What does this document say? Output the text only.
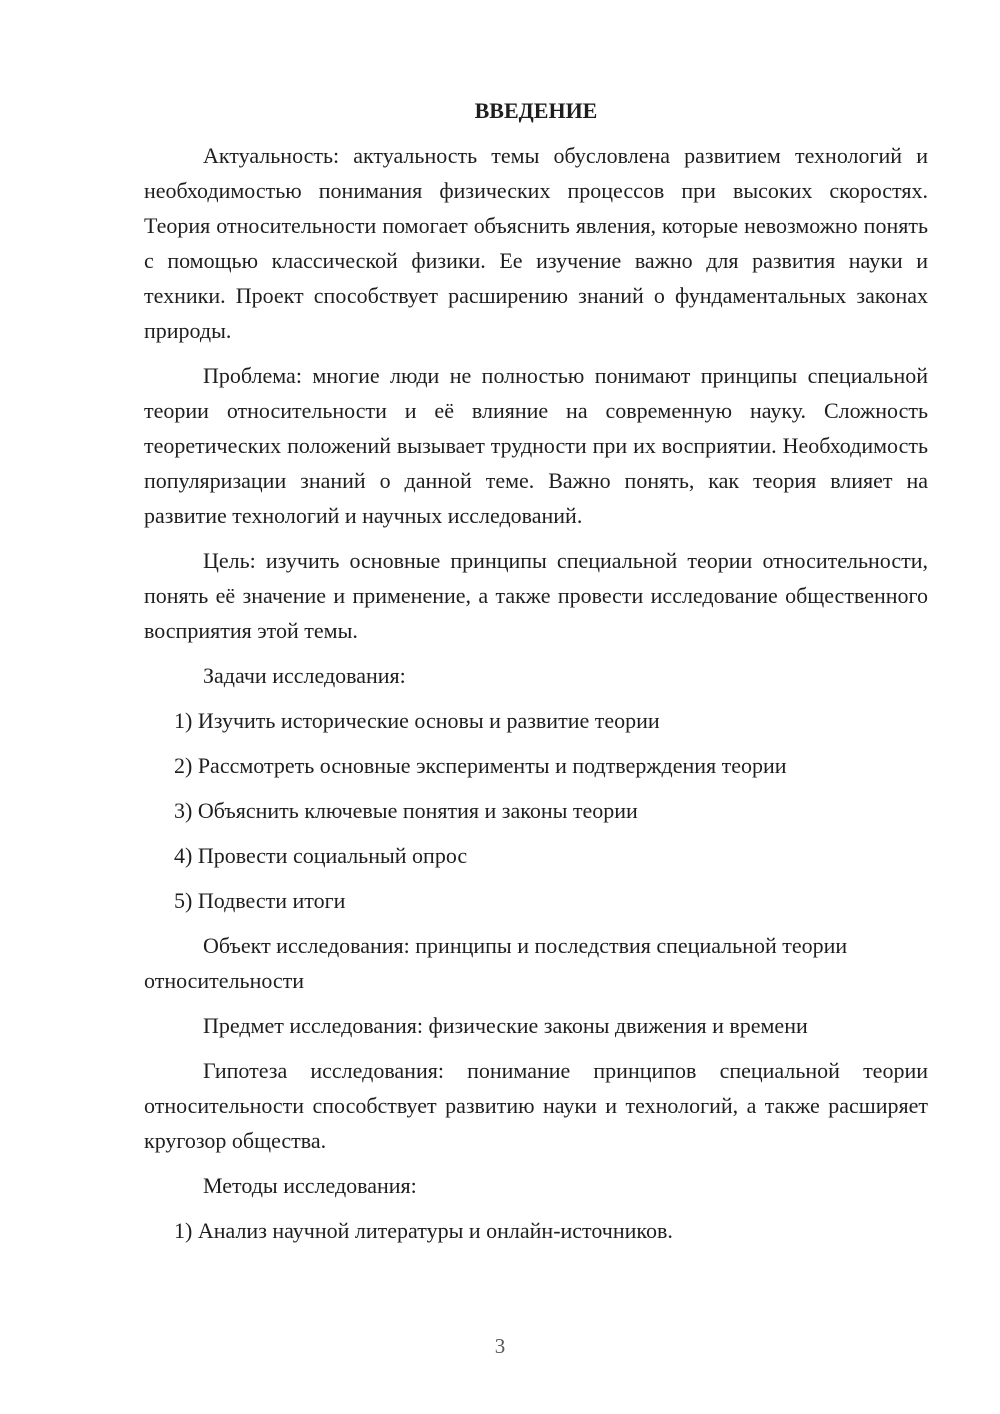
ВВЕДЕНИЕ

Актуальность: актуальность темы обусловлена развитием технологий и необходимостью понимания физических процессов при высоких скоростях. Теория относительности помогает объяснить явления, которые невозможно понять с помощью классической физики. Ее изучение важно для развития науки и техники. Проект способствует расширению знаний о фундаментальных законах природы.

Проблема: многие люди не полностью понимают принципы специальной теории относительности и её влияние на современную науку. Сложность теоретических положений вызывает трудности при их восприятии. Необходимость популяризации знаний о данной теме. Важно понять, как теория влияет на развитие технологий и научных исследований.

Цель: изучить основные принципы специальной теории относительности, понять её значение и применение, а также провести исследование общественного восприятия этой темы.

Задачи исследования:

1) Изучить исторические основы и развитие теории
2) Рассмотреть основные эксперименты и подтверждения теории
3) Объяснить ключевые понятия и законы теории
4) Провести социальный опрос
5) Подвести итоги

Объект исследования: принципы и последствия специальной теории относительности

Предмет исследования: физические законы движения и времени

Гипотеза исследования: понимание принципов специальной теории относительности способствует развитию науки и технологий, а также расширяет кругозор общества.

Методы исследования:

1) Анализ научной литературы и онлайн-источников.
3
